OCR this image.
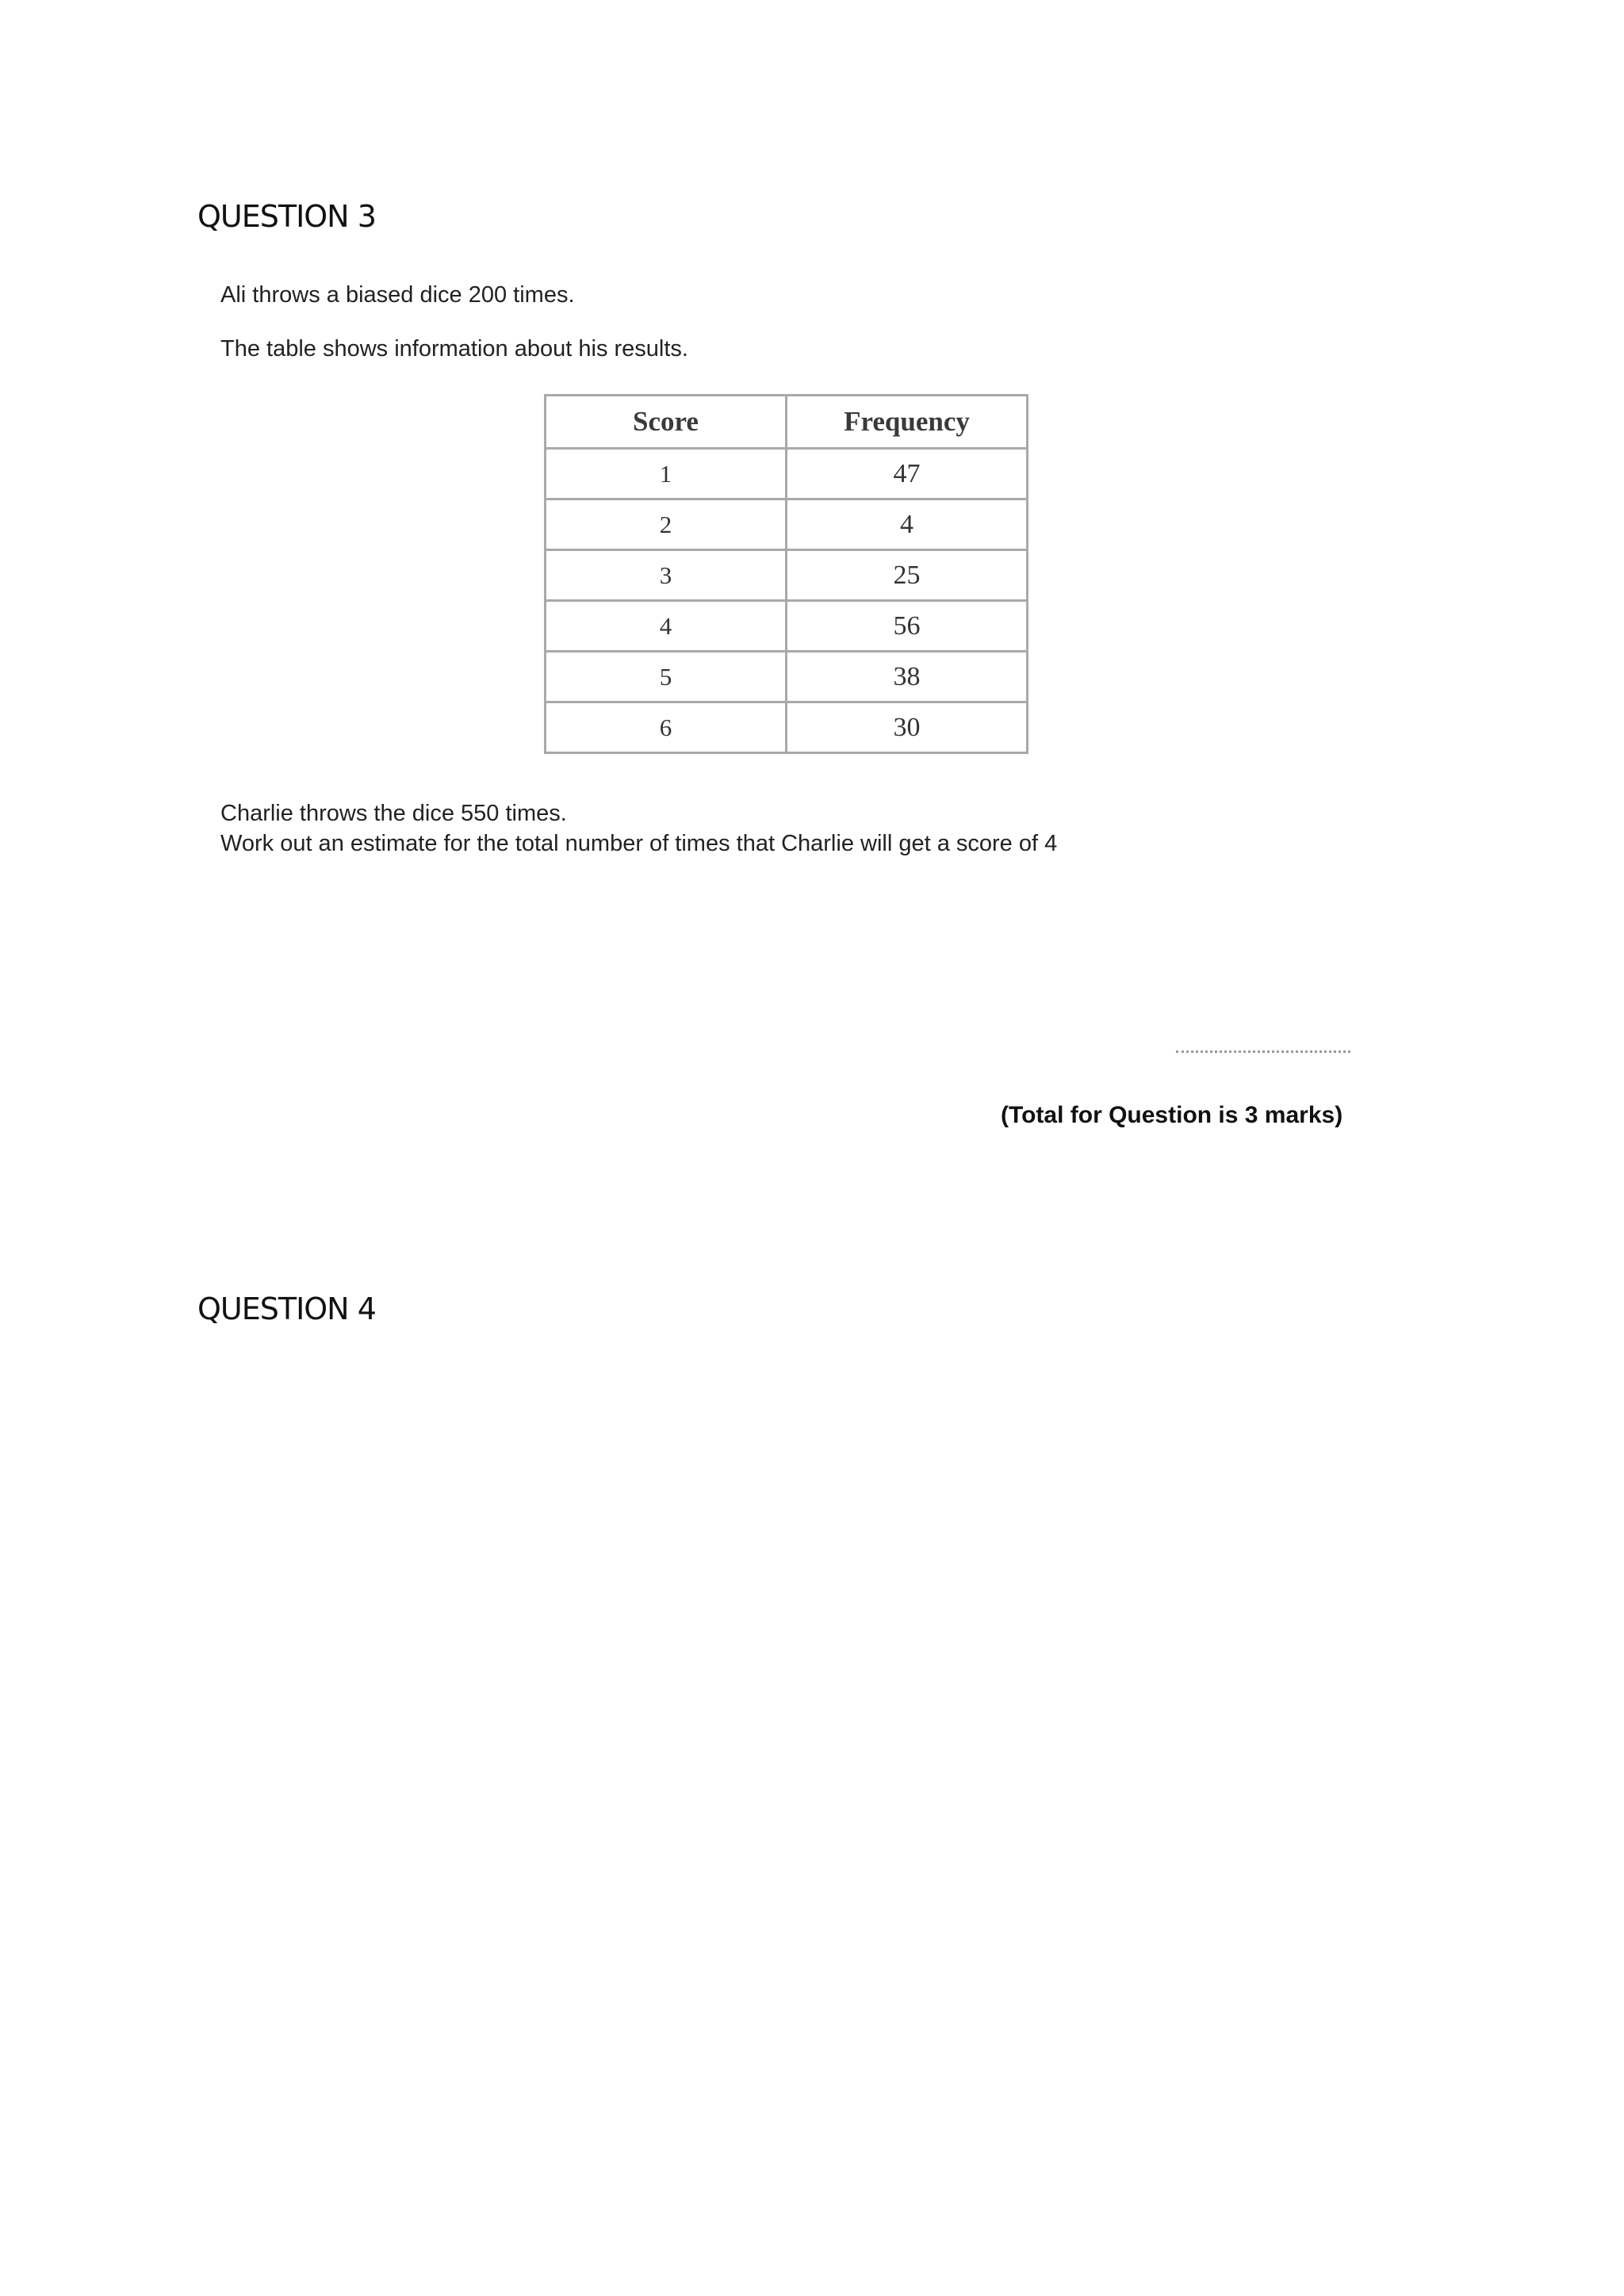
QUESTION 3

Ali throws a biased dice 200 times.

The table shows information about his results.

Score	Frequency
1	47
2	4
3	25
4	56
5	38
6	30

Charlie throws the dice 550 times.

Work out an estimate for the total number of times that Charlie will get a score of 4

(Total for Question is 3 marks)
QUESTION 4
